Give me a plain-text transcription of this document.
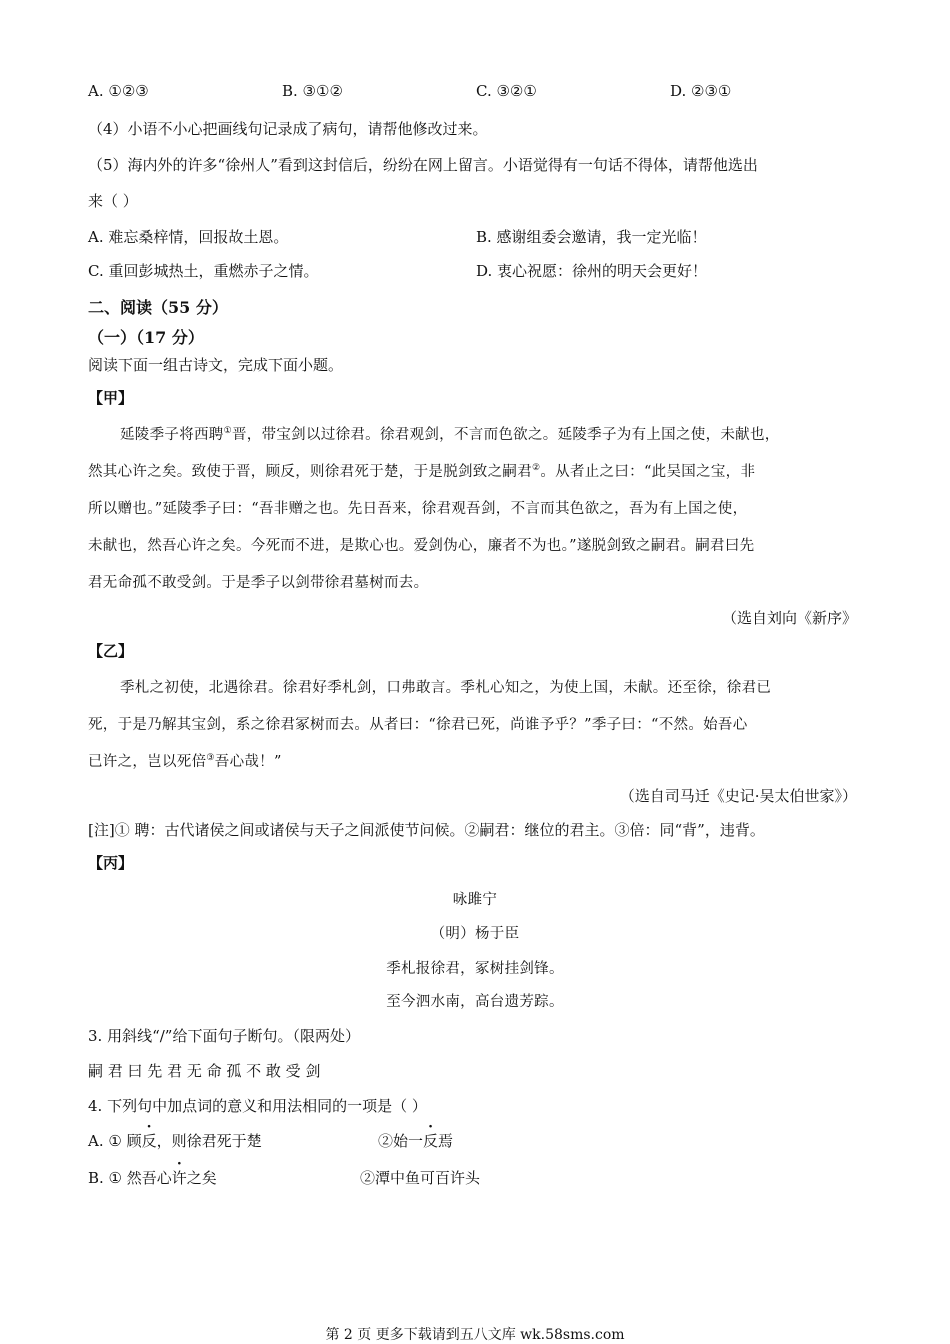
A. ①②③	B. ③①②	C. ③②①	D. ②③①
（4）小语不小心把画线句记录成了病句，请帮他修改过来。
（5）海内外的许多“徐州人”看到这封信后，纷纷在网上留言。小语觉得有一句话不得体，请帮他选出
来（ ）
A. 难忘桑梓情，回报故土恩。	B. 感谢组委会邀请，我一定光临！
C. 重回彭城热土，重燃赤子之情。	D. 衷心祝愿：徐州的明天会更好！
二、阅读（55 分）
（一）（17 分）
阅读下面一组古诗文，完成下面小题。
【甲】
延陵季子将西聘①晋，带宝剑以过徐君。徐君观剑，不言而色欲之。延陵季子为有上国之使，未献也，
然其心许之矣。致使于晋，顾反，则徐君死于楚，于是脱剑致之嗣君②。从者止之曰：“此吴国之宝，非
所以赠也。”延陵季子曰：“吾非赠之也。先日吾来，徐君观吾剑，不言而其色欲之，吾为有上国之使，
未献也，然吾心许之矣。今死而不进，是欺心也。爱剑伪心，廉者不为也。”遂脱剑致之嗣君。嗣君曰先
君无命孤不敢受剑。于是季子以剑带徐君墓树而去。
（选自刘向《新序》
【乙】
季札之初使，北遇徐君。徐君好季札剑，口弗敢言。季札心知之，为使上国，未献。还至徐，徐君已
死，于是乃解其宝剑，系之徐君冢树而去。从者曰：“徐君已死，尚谁予乎？”季子曰：“不然。始吾心
已许之，岂以死倍③吾心哉！”
（选自司马迁《史记·吴太伯世家》）
[注]① 聘：古代诸侯之间或诸侯与天子之间派使节问候。②嗣君：继位的君主。③倍：同“背”，违背。
【丙】
咏雎宁
（明）杨于臣
季札报徐君，冢树挂剑锋。
至今泗水南，高台遗芳踪。
3. 用斜线“/”给下面句子断句。（限两处）
嗣 君 曰 先 君 无 命 孤 不 敢 受 剑
4. 下列句中加点词的意义和用法相同的一项是（ ）
A. ① 顾反，则徐君死于楚	②始一反焉
B. ① 然吾心许之矣	②潭中鱼可百许头
第 2 页 更多下载请到五八文库 wk.58sms.com
